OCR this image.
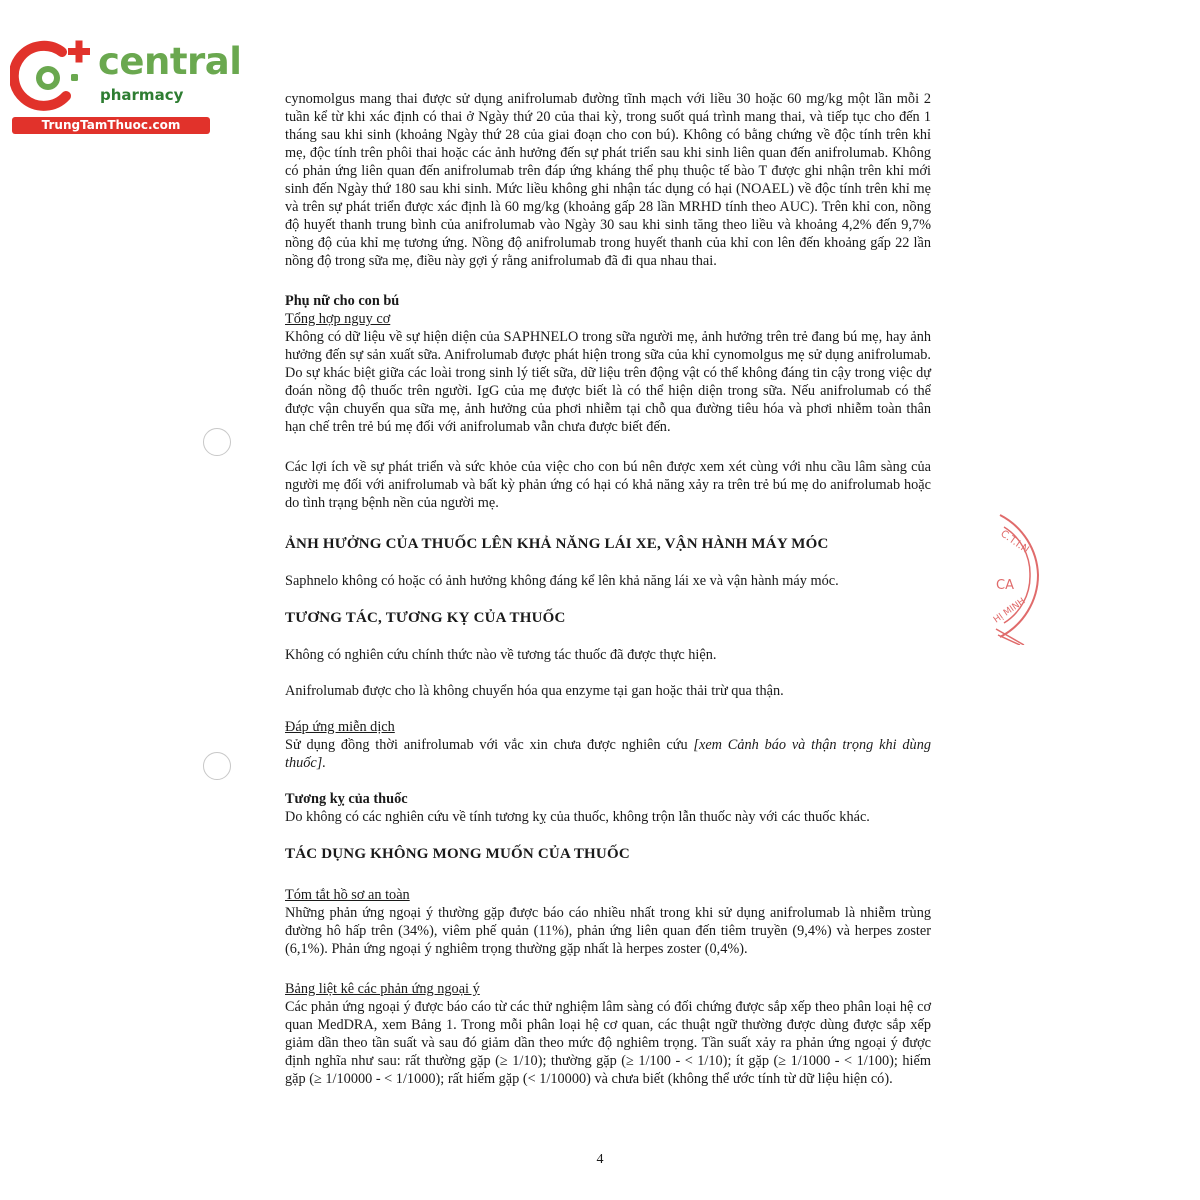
central
pharmacy
TrungTamThuoc.com
C.T.I.N
CA
HỊ MINH

cynomolgus mang thai được sử dụng anifrolumab đường tĩnh mạch với liều 30 hoặc 60 mg/kg một lần mỗi 2 tuần kể từ khi xác định có thai ở Ngày thứ 20 của thai kỳ, trong suốt quá trình mang thai, và tiếp tục cho đến 1 tháng sau khi sinh (khoảng Ngày thứ 28 của giai đoạn cho con bú). Không có bằng chứng về độc tính trên khỉ mẹ, độc tính trên phôi thai hoặc các ảnh hưởng đến sự phát triển sau khi sinh liên quan đến anifrolumab. Không có phản ứng liên quan đến anifrolumab trên đáp ứng kháng thể phụ thuộc tế bào T được ghi nhận trên khỉ mới sinh đến Ngày thứ 180 sau khi sinh. Mức liều không ghi nhận tác dụng có hại (NOAEL) về độc tính trên khỉ mẹ và trên sự phát triển được xác định là 60 mg/kg (khoảng gấp 28 lần MRHD tính theo AUC). Trên khỉ con, nồng độ huyết thanh trung bình của anifrolumab vào Ngày 30 sau khi sinh tăng theo liều và khoảng 4,2% đến 9,7% nồng độ của khỉ mẹ tương ứng. Nồng độ anifrolumab trong huyết thanh của khỉ con lên đến khoảng gấp 22 lần nồng độ trong sữa mẹ, điều này gợi ý rằng anifrolumab đã đi qua nhau thai.

Phụ nữ cho con bú

Tổng hợp nguy cơ

Không có dữ liệu về sự hiện diện của SAPHNELO trong sữa người mẹ, ảnh hưởng trên trẻ đang bú mẹ, hay ảnh hưởng đến sự sản xuất sữa. Anifrolumab được phát hiện trong sữa của khỉ cynomolgus mẹ sử dụng anifrolumab. Do sự khác biệt giữa các loài trong sinh lý tiết sữa, dữ liệu trên động vật có thể không đáng tin cậy trong việc dự đoán nồng độ thuốc trên người. IgG của mẹ được biết là có thể hiện diện trong sữa. Nếu anifrolumab có thể được vận chuyển qua sữa mẹ, ảnh hưởng của phơi nhiễm tại chỗ qua đường tiêu hóa và phơi nhiễm toàn thân hạn chế trên trẻ bú mẹ đối với anifrolumab vẫn chưa được biết đến.

Các lợi ích về sự phát triển và sức khỏe của việc cho con bú nên được xem xét cùng với nhu cầu lâm sàng của người mẹ đối với anifrolumab và bất kỳ phản ứng có hại có khả năng xảy ra trên trẻ bú mẹ do anifrolumab hoặc do tình trạng bệnh nền của người mẹ.

ẢNH HƯỞNG CỦA THUỐC LÊN KHẢ NĂNG LÁI XE, VẬN HÀNH MÁY MÓC

Saphnelo không có hoặc có ảnh hưởng không đáng kể lên khả năng lái xe và vận hành máy móc.

TƯƠNG TÁC, TƯƠNG KỴ CỦA THUỐC

Không có nghiên cứu chính thức nào về tương tác thuốc đã được thực hiện.

Anifrolumab được cho là không chuyển hóa qua enzyme tại gan hoặc thải trừ qua thận.

Đáp ứng miễn dịch

Sử dụng đồng thời anifrolumab với vắc xin chưa được nghiên cứu [xem Cảnh báo và thận trọng khi dùng thuốc].

Tương kỵ của thuốc

Do không có các nghiên cứu về tính tương kỵ của thuốc, không trộn lẫn thuốc này với các thuốc khác.

TÁC DỤNG KHÔNG MONG MUỐN CỦA THUỐC

Tóm tắt hồ sơ an toàn

Những phản ứng ngoại ý thường gặp được báo cáo nhiều nhất trong khi sử dụng anifrolumab là nhiễm trùng đường hô hấp trên (34%), viêm phế quản (11%), phản ứng liên quan đến tiêm truyền (9,4%) và herpes zoster (6,1%). Phản ứng ngoại ý nghiêm trọng thường gặp nhất là herpes zoster (0,4%).

Bảng liệt kê các phản ứng ngoại ý

Các phản ứng ngoại ý được báo cáo từ các thử nghiệm lâm sàng có đối chứng được sắp xếp theo phân loại hệ cơ quan MedDRA, xem Bảng 1. Trong mỗi phân loại hệ cơ quan, các thuật ngữ thường được dùng được sắp xếp giảm dần theo tần suất và sau đó giảm dần theo mức độ nghiêm trọng. Tần suất xảy ra phản ứng ngoại ý được định nghĩa như sau: rất thường gặp (≥ 1/10); thường gặp (≥ 1/100 - < 1/10); ít gặp (≥ 1/1000 - < 1/100); hiếm gặp (≥ 1/10000 - < 1/1000); rất hiếm gặp (< 1/10000) và chưa biết (không thể ước tính từ dữ liệu hiện có).

4
